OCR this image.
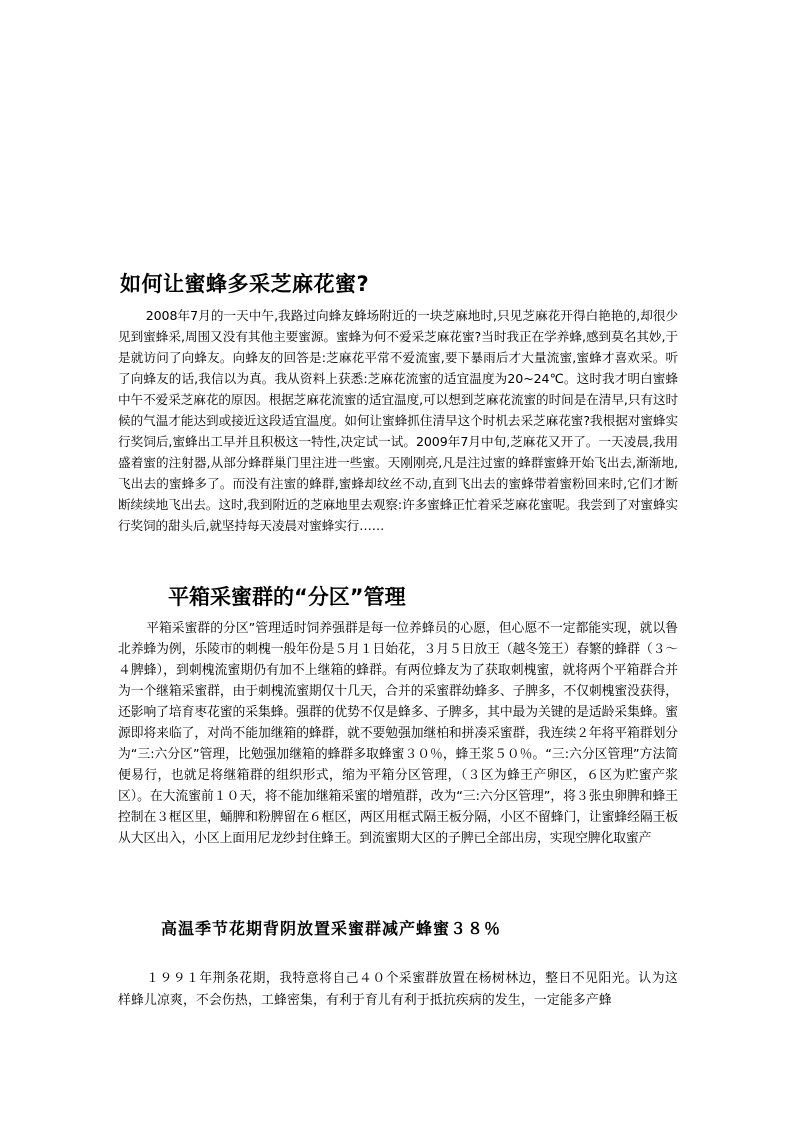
如何让蜜蜂多采芝麻花蜜?

2008年7月的一天中午,我路过向蜂友蜂场附近的一块芝麻地时,只见芝麻花开得白艳艳的,却很少见到蜜蜂采,周围又没有其他主要蜜源。蜜蜂为何不爱采芝麻花蜜?当时我正在学养蜂,感到莫名其妙,于是就访问了向蜂友。向蜂友的回答是:芝麻花平常不爱流蜜,要下暴雨后才大量流蜜,蜜蜂才喜欢采。听了向蜂友的话,我信以为真。我从资料上获悉:芝麻花流蜜的适宜温度为20~24℃。这时我才明白蜜蜂中午不爱采芝麻花的原因。根据芝麻花流蜜的适宜温度,可以想到芝麻花流蜜的时间是在清早,只有这时候的气温才能达到或接近这段适宜温度。如何让蜜蜂抓住清早这个时机去采芝麻花蜜?我根据对蜜蜂实行奖饲后,蜜蜂出工早并且积极这一特性,决定试一试。2009年7月中旬,芝麻花又开了。一天凌晨,我用盛着蜜的注射器,从部分蜂群巢门里注进一些蜜。天刚刚亮,凡是注过蜜的蜂群蜜蜂开始飞出去,渐渐地,飞出去的蜜蜂多了。而没有注蜜的蜂群,蜜蜂却纹丝不动,直到飞出去的蜜蜂带着蜜粉回来时,它们才断断续续地飞出去。这时,我到附近的芝麻地里去观察:许多蜜蜂正忙着采芝麻花蜜呢。我尝到了对蜜蜂实行奖饲的甜头后,就坚持每天凌晨对蜜蜂实行……

平箱采蜜群的“分区”管理

平箱采蜜群的分区”管理适时饲养强群是每一位养蜂员的心愿，但心愿不一定都能实现，就以鲁北养蜂为例，乐陵市的刺槐一般年份是５月１日始花，３月５日放王（越冬笼王）春繁的蜂群（３～４脾蜂），到刺槐流蜜期仍有加不上继箱的蜂群。有两位蜂友为了获取刺槐蜜，就将两个平箱群合并为一个继箱采蜜群，由于刺槐流蜜期仅十几天，合并的采蜜群幼蜂多、子脾多，不仅刺槐蜜没获得，还影响了培育枣花蜜的采集蜂。强群的优势不仅是蜂多、子脾多，其中最为关键的是适龄采集蜂。蜜源即将来临了，对尚不能加继箱的蜂群，就不要勉强加继柏和拼凑采蜜群，我连续２年将平箱群划分为“三:六分区”管理，比勉强加继箱的蜂群多取蜂蜜３０％，蜂王浆５０％。“三:六分区管理”方法简便易行，也就足将继箱群的组织形式，缩为平箱分区管理，（３区为蜂王产卵区，６区为贮蜜产浆区）。在大流蜜前１０天，将不能加继箱采蜜的增殖群，改为“三:六分区管理”，将３张虫卵脾和蜂王控制在３框区里，蛹脾和粉脾留在６框区，两区用框式隔王板分隔，小区不留蜂门，让蜜蜂经隔王板从大区出入，小区上面用尼龙纱封住蜂王。到流蜜期大区的子脾已全部出房，实现空脾化取蜜产

高温季节花期背阴放置采蜜群减产蜂蜜３８％

１９９１年荆条花期，我特意将自己４０个采蜜群放置在杨树林边，整日不见阳光。认为这样蜂儿凉爽，不会伤热，工蜂密集，有利于育儿有利于抵抗疾病的发生，一定能多产蜂
